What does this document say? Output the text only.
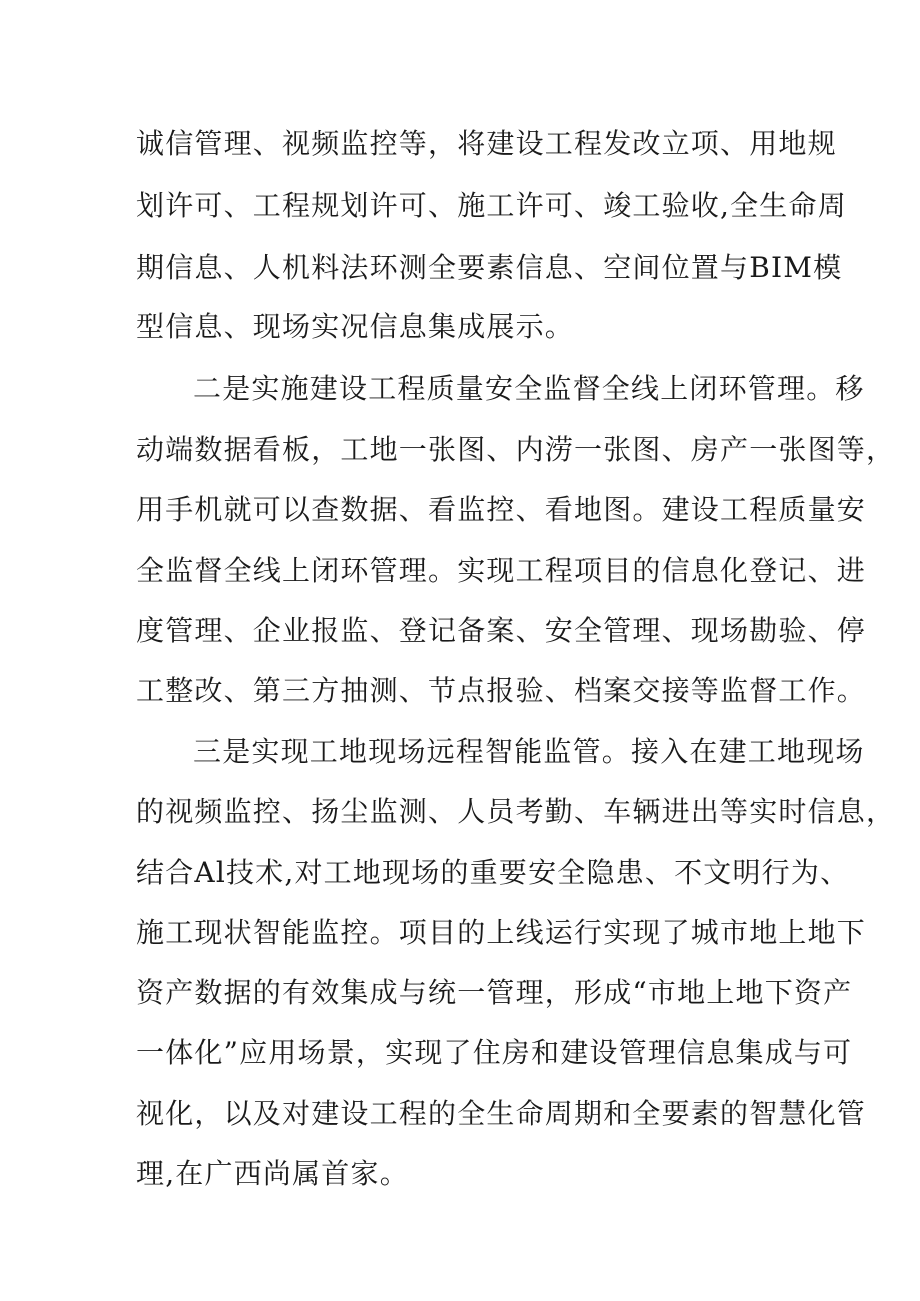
诚信管理、视频监控等，将建设工程发改立项、用地规
划许可、工程规划许可、施工许可、竣工验收,全生命周
期信息、人机料法环测全要素信息、空间位置与BIM模
型信息、现场实况信息集成展示。
二是实施建设工程质量安全监督全线上闭环管理。移
动端数据看板，工地一张图、内涝一张图、房产一张图等，
用手机就可以查数据、看监控、看地图。建设工程质量安
全监督全线上闭环管理。实现工程项目的信息化登记、进
度管理、企业报监、登记备案、安全管理、现场勘验、停
工整改、第三方抽测、节点报验、档案交接等监督工作。
三是实现工地现场远程智能监管。接入在建工地现场
的视频监控、扬尘监测、人员考勤、车辆进出等实时信息，
结合Al技术,对工地现场的重要安全隐患、不文明行为、
施工现状智能监控。项目的上线运行实现了城市地上地下
资产数据的有效集成与统一管理，形成“市地上地下资产
一体化”应用场景，实现了住房和建设管理信息集成与可
视化，以及对建设工程的全生命周期和全要素的智慧化管
理,在广西尚属首家。
